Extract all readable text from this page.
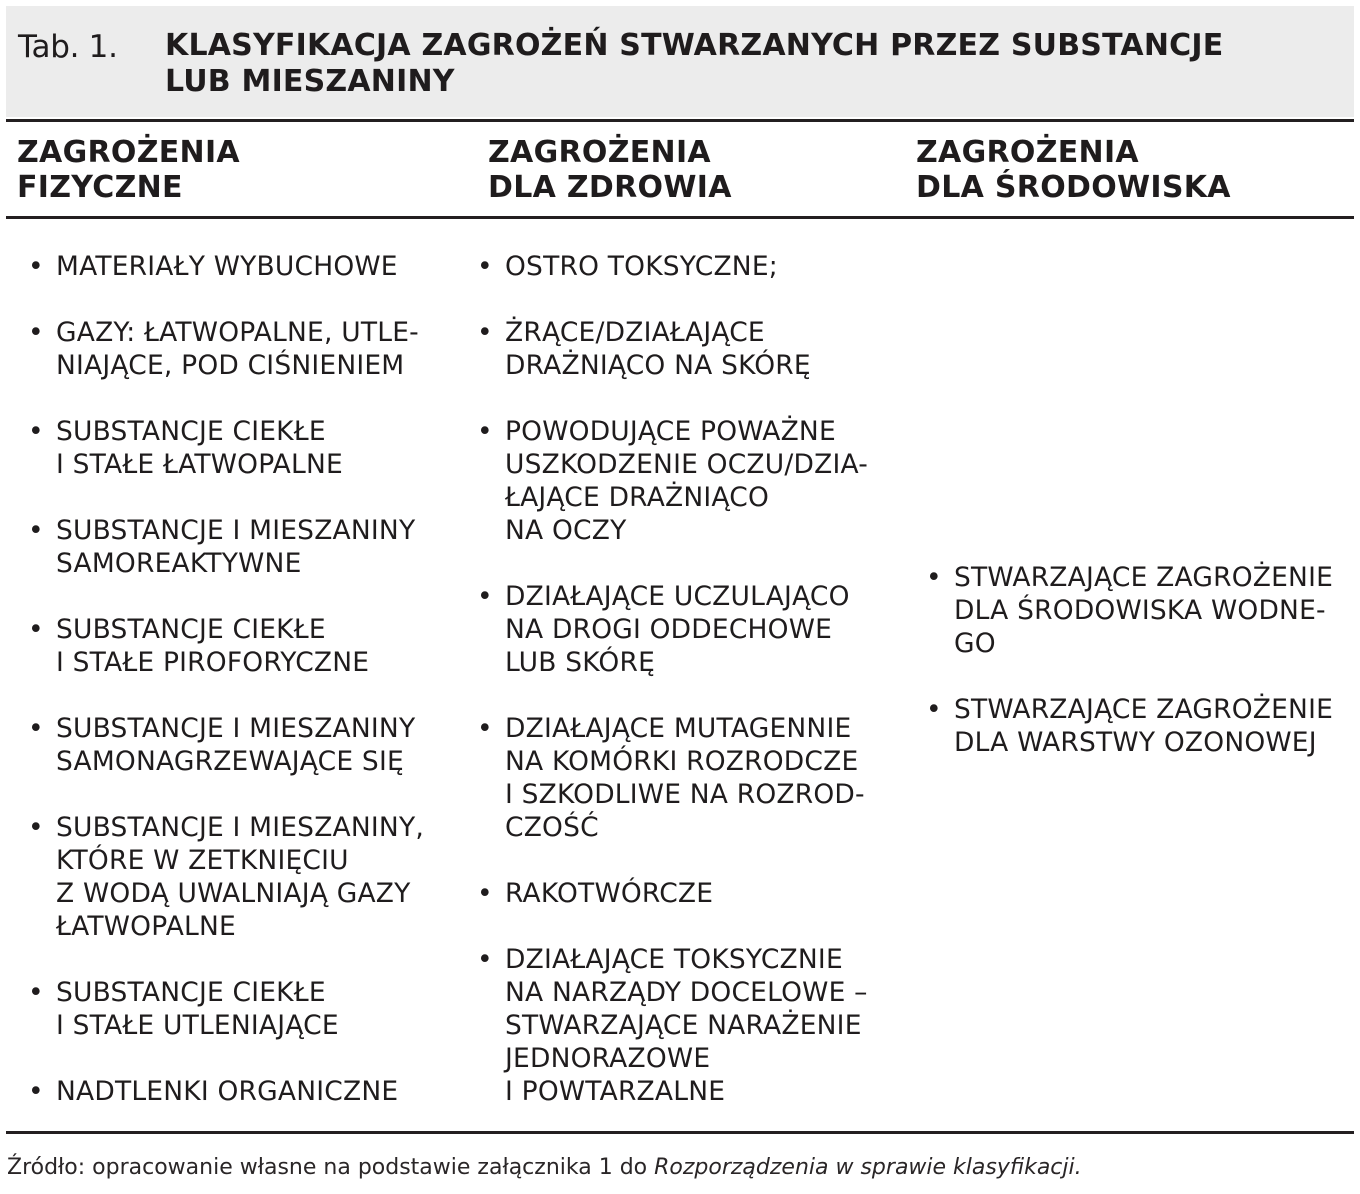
Tab. 1. KLASYFIKACJA ZAGROŻEŃ STWARZANYCH PRZEZ SUBSTANCJE
LUB MIESZANINY
ZAGROŻENIA
FIZYCZNE
ZAGROŻENIA
DLA ZDROWIA
ZAGROŻENIA
DLA ŚRODOWISKA
• MATERIAŁY WYBUCHOWE
• GAZY: ŁATWOPALNE, UTLE-
NIAJĄCE, POD CIŚNIENIEM
• SUBSTANCJE CIEKŁE
I STAŁE ŁATWOPALNE
• SUBSTANCJE I MIESZANINY
SAMOREAKTYWNE
• SUBSTANCJE CIEKŁE
I STAŁE PIROFORYCZNE
• SUBSTANCJE I MIESZANINY
SAMONAGRZEWAJĄCE SIĘ
• SUBSTANCJE I MIESZANINY,
KTÓRE W ZETKNIĘCIU
Z WODĄ UWALNIAJĄ GAZY
ŁATWOPALNE
• SUBSTANCJE CIEKŁE
I STAŁE UTLENIAJĄCE
• NADTLENKI ORGANICZNE
• OSTRO TOKSYCZNE;
• ŻRĄCE/DZIAŁAJĄCE
DRAŻNIĄCO NA SKÓRĘ
• POWODUJĄCE POWAŻNE
USZKODZENIE OCZU/DZIA-
ŁAJĄCE DRAŻNIĄCO
NA OCZY
• DZIAŁAJĄCE UCZULAJĄCO
NA DROGI ODDECHOWE
LUB SKÓRĘ
• DZIAŁAJĄCE MUTAGENNIE
NA KOMÓRKI ROZRODCZE
I SZKODLIWE NA ROZROD-
CZOŚĆ
• RAKOTWÓRCZE
• DZIAŁAJĄCE TOKSYCZNIE
NA NARZĄDY DOCELOWE –
STWARZAJĄCE NARAŻENIE
JEDNORAZOWE
I POWTARZALNE
• STWARZAJĄCE ZAGROŻENIE
DLA ŚRODOWISKA WODNE-
GO
• STWARZAJĄCE ZAGROŻENIE
DLA WARSTWY OZONOWEJ
Źródło: opracowanie własne na podstawie załącznika 1 do Rozporządzenia w sprawie klasyfikacji.
